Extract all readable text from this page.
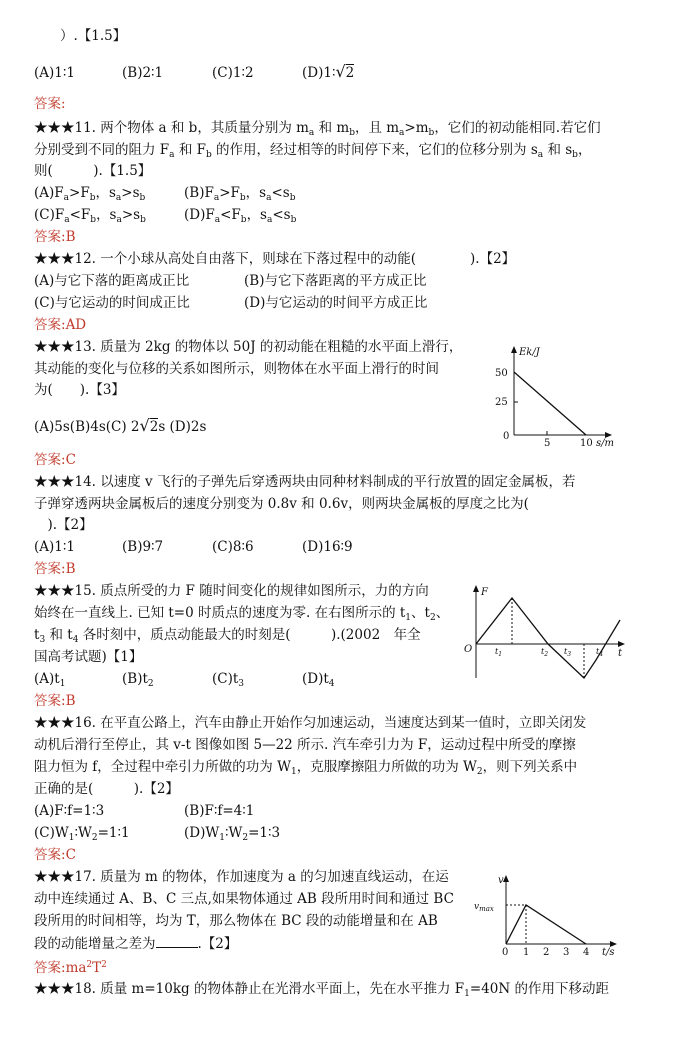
）.【1.5】
(A)1∶1	(B)2∶1	(C)1∶2	(D)1∶√2
答案:
★★★11. 两个物体 a 和 b，其质量分别为 $m_a$ 和 $m_b$，且 $m_a>m_b$，它们的初动能相同.若它们
分别受到不同的阻力 $F_a$ 和 $F_b$ 的作用，经过相等的时间停下来，它们的位移分别为 $s_a$ 和 $s_b$，
则(　　　).【1.5】
$(A)F_a>F_b$，$s_a>s_b$	$(B)F_a>F_b$，$s_a<s_b$
$(C)F_a<F_b$，$s_a>s_b$	$(D)F_a<F_b$，$s_a<s_b$
答案:B
★★★12. 一个小球从高处自由落下，则球在下落过程中的动能(　　　　).【2】
(A)与它下落的距离成正比	(B)与它下落距离的平方成正比
(C)与它运动的时间成正比	(D)与它运动的时间平方成正比
答案:AD
★★★13. 质量为 2kg 的物体以 50J 的初动能在粗糙的水平面上滑行，
其动能的变化与位移的关系如图所示，则物体在水平面上滑行的时间
为(　　).【3】
(A)5s(B)4s(C) 2√2s (D)2s
答案:C
Ek/J
50
25
0
5	10 s/m
★★★14. 以速度 v 飞行的子弹先后穿透两块由同种材料制成的平行放置的固定金属板，若
子弹穿透两块金属板后的速度分别变为 0.8v 和 0.6v，则两块金属板的厚度之比为(
　).【2】
(A)1∶1	(B)9∶7	(C)8∶6	(D)16∶9
答案:B
★★★15. 质点所受的力 F 随时间变化的规律如图所示，力的方向
始终在一直线上. 已知 t=0 时质点的速度为零. 在右图所示的 $t_1$、$t_2$、
$t_3$ 和 $t_4$ 各时刻中，质点动能最大的时刻是(　　　).(2002　年全
国高考试题)【1】
$(A)t_1$	$(B)t_2$	$(C)t_3$	$(D)t_4$
答案:B
F
O	t
$t_1$	$t_2$ $t_3$	$t_4$
★★★16. 在平直公路上，汽车由静止开始作匀加速运动，当速度达到某一值时，立即关闭发
动机后滑行至停止，其 v-t 图像如图 5—22 所示. 汽车牵引力为 F，运动过程中所受的摩擦
阻力恒为 f，全过程中牵引力所做的功为 $W_1$，克服摩擦阻力所做的功为 $W_2$，则下列关系中
正确的是(　　　).【2】
(A)F∶f=1∶3	(B)F∶f=4∶1
$(C)W_1∶W_2=1∶1$	$(D)W_1∶W_2=1∶3$
答案:C
v
$v_{max}$
0 1 2 3 4 t/s
★★★17. 质量为 m 的物体，作加速度为 a 的匀加速直线运动，在运
动中连续通过 A、B、C 三点,如果物体通过 AB 段所用时间和通过 BC
段所用的时间相等，均为 T，那么物体在 BC 段的动能增量和在 AB
段的动能增量之差为	.【2】
答案$:ma^2T^2$
★★★18. 质量 m=10kg 的物体静止在光滑水平面上，先在水平推力 $F_1=40N$ 的作用下移动距
